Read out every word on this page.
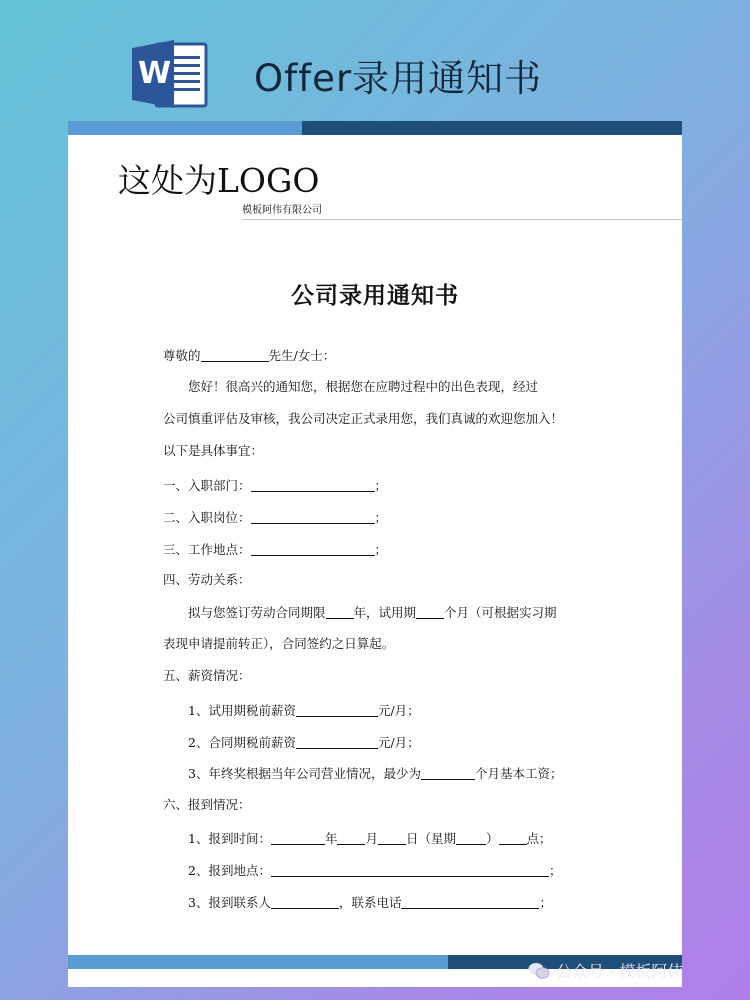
W Offer录用通知书
这处为LOGO
模板阿伟有限公司
公司录用通知书
尊敬的	先生/女士：
您好！很高兴的通知您，根据您在应聘过程中的出色表现，经过
公司慎重评估及审核，我公司决定正式录用您，我们真诚的欢迎您加入！
以下是具体事宜：
一、入职部门：	；
二、入职岗位：	；
三、工作地点：	；
四、劳动关系：
拟与您签订劳动合同期限 年，试用期 个月（可根据实习期
表现申请提前转正），合同签约之日算起。
五、薪资情况：
1、试用期税前薪资	元/月；
2、合同期税前薪资	元/月；
3、年终奖根据当年公司营业情况，最少为	个月基本工资；
六、报到情况：
1、报到时间：	年 月 日（星期 ） 点；
2、报到地点：	；
3、报到联系人	，联系电话	；
公众号 · 模板阿伟
